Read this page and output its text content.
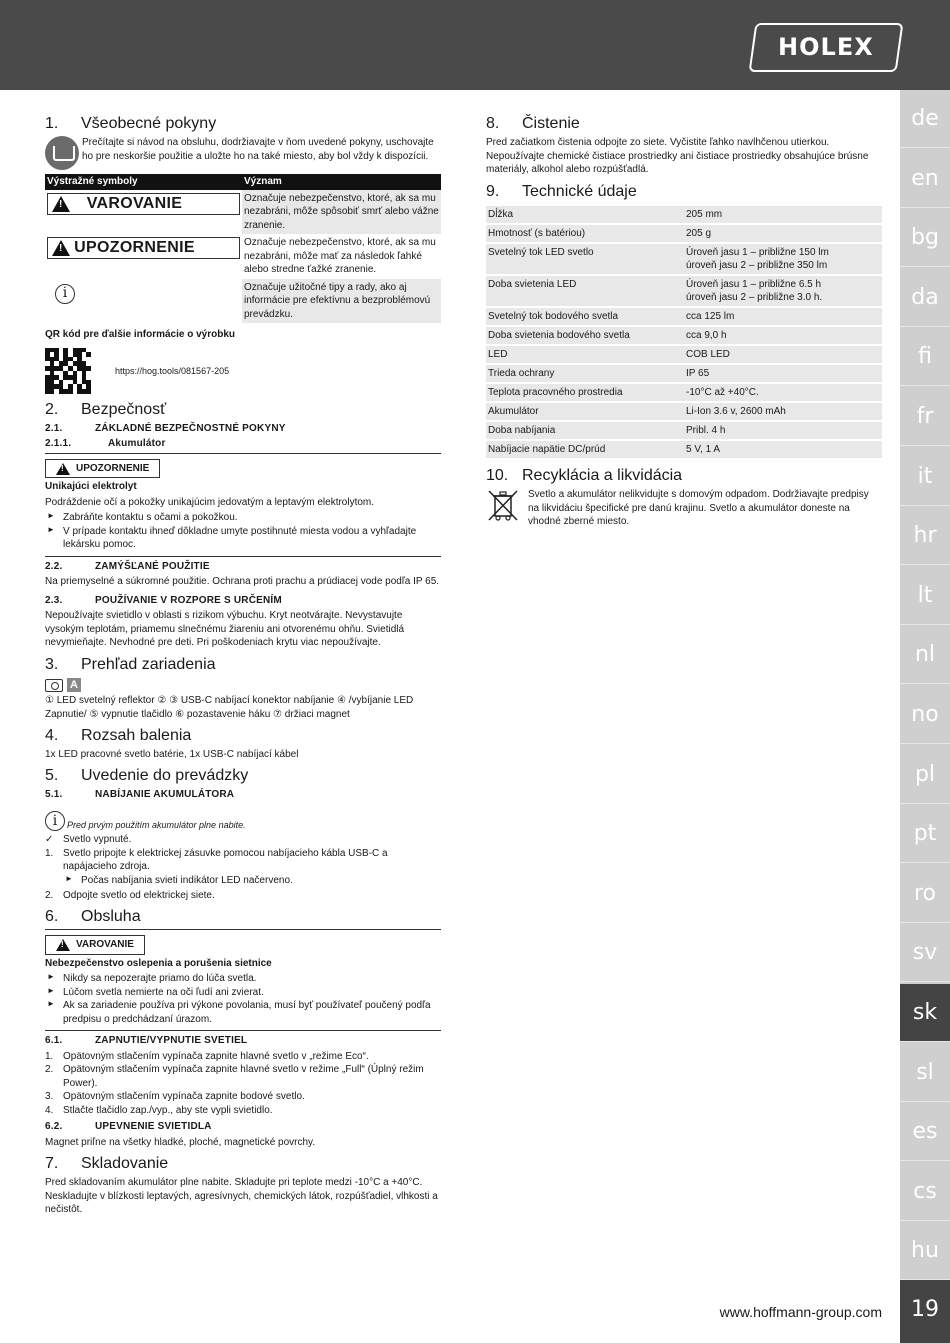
HOLEX
de
en
bg
da
fi
fr
it
hr
lt
nl
no
pl
pt
ro
sv
sk
sl
es
cs
hu
19
www.hoffmann-group.com
1.	Všeobecné pokyny

Prečítajte si návod na obsluhu, dodržiavajte v ňom uvedené pokyny, uschovajte ho pre neskoršie použitie a uložte ho na také miesto, aby bol vždy k dispozícii.

Výstražné symboly	Význam

!
VAROVANIE	Označuje nebezpečenstvo, ktoré, ak sa mu nezabráni, môže spôsobiť smrť alebo vážne zranenie.

!
UPOZORNENIE	Označuje nebezpečenstvo, ktoré, ak sa mu nezabráni, môže mať za následok ľahké alebo stredne ťažké zranenie.

i	Označuje užitočné tipy a rady, ako aj informácie pre efektívnu a bezproblémovú prevádzku.

QR kód pre ďalšie informácie o výrobku

https://hog.tools/081567-205
2.	Bezpečnosť
2.1.	ZÁKLADNÉ BEZPEČNOSTNÉ POKYNY
2.1.1.	Akumulátor
!
UPOZORNENIE

Unikajúci elektrolyt

Podráždenie očí a pokožky unikajúcim jedovatým a leptavým elektrolytom.

► Zabráňte kontaktu s očami a pokožkou.
► V prípade kontaktu ihneď dôkladne umyte postihnuté miesta vodou a vyhľadajte lekársku pomoc.
2.2.	ZAMÝŠĽANÉ POUŽITIE

Na priemyselné a súkromné použitie. Ochrana proti prachu a prúdiacej vode podľa IP 65.

2.3.	POUŽÍVANIE V ROZPORE S URČENÍM

Nepoužívajte svietidlo v oblasti s rizikom výbuchu. Kryt neotvárajte. Nevystavujte vysokým teplotám, priamemu slnečnému žiareniu ani otvorenému ohňu. Svietidlá nevymieňajte. Nevhodné pre deti. Pri poškodeniach krytu viac nepoužívajte.

3.	Prehľad zariadenia
A

① LED svetelný reflektor ② ③ USB-C nabíjací konektor nabíjanie ④ /vybíjanie LED Zapnutie/ ⑤ vypnutie tlačidlo ⑥ pozastavenie háku ⑦ držiaci magnet

4.	Rozsah balenia

1x LED pracovné svetlo batérie, 1x USB-C nabíjací kábel

5.	Uvedenie do prevádzky
5.1.	NABÍJANIE AKUMULÁTORA
i	Pred prvým použitím akumulátor plne nabite.
✓ Svetlo vypnuté.
1. Svetlo pripojte k elektrickej zásuvke pomocou nabíjacieho kábla USB-C a napájacieho zdroja.
► Počas nabíjania svieti indikátor LED načerveno.
2. Odpojte svetlo od elektrickej siete.
6.	Obsluha
!
VAROVANIE

Nebezpečenstvo oslepenia a porušenia sietnice

► Nikdy sa nepozerajte priamo do lúča svetla.
► Lúčom svetla nemierte na oči ľudí ani zvierat.
► Ak sa zariadenie používa pri výkone povolania, musí byť používateľ poučený podľa predpisu o predchádzaní úrazom.
6.1.	ZAPNUTIE/VYPNUTIE SVETIEL
1. Opätovným stlačením vypínača zapnite hlavné svetlo v „režime Eco“.
2. Opätovným stlačením vypínača zapnite hlavné svetlo v režime „Full“ (Úplný režim Power).
3. Opätovným stlačením vypínača zapnite bodové svetlo.
4. Stlačte tlačidlo zap./vyp., aby ste vypli svietidlo.
6.2.	UPEVNENIE SVIETIDLA

Magnet priľne na všetky hladké, ploché, magnetické povrchy.

7.	Skladovanie

Pred skladovaním akumulátor plne nabite. Skladujte pri teplote medzi -10°C a +40°C. Neskladujte v blízkosti leptavých, agresívnych, chemických látok, rozpúšťadiel, vlhkosti a nečistôt.

8.	Čistenie

Pred začiatkom čistenia odpojte zo siete. Vyčistite ľahko navlhčenou utierkou. Nepoužívajte chemické čistiace prostriedky ani čistiace prostriedky obsahujúce brúsne materiály, alkohol alebo rozpúšťadlá.

9.	Technické údaje
Dĺžka	205 mm

Hmotnosť (s batériou)	205 g

Svetelný tok LED svetlo	Úroveň jasu 1 – približne 150 lm
úroveň jasu 2 – približne 350 lm

Doba svietenia LED	Úroveň jasu 1 – približne 6.5 h
úroveň jasu 2 – približne 3.0 h.

Svetelný tok bodového svetla	cca 125 lm

Doba svietenia bodového svetla	cca 9,0 h

LED	COB LED

Trieda ochrany	IP 65

Teplota pracovného prostredia	-10°C až +40°C.

Akumulátor	Li-Ion 3.6 v, 2600 mAh

Doba nabíjania	Pribl. 4 h

Nabíjacie napätie DC/prúd	5 V, 1 A
10. Recyklácia a likvidácia

Svetlo a akumulátor nelikvidujte s domovým odpadom. Dodržiavajte predpisy na likvidáciu špecifické pre danú krajinu. Svetlo a akumulátor doneste na vhodné zberné miesto.
